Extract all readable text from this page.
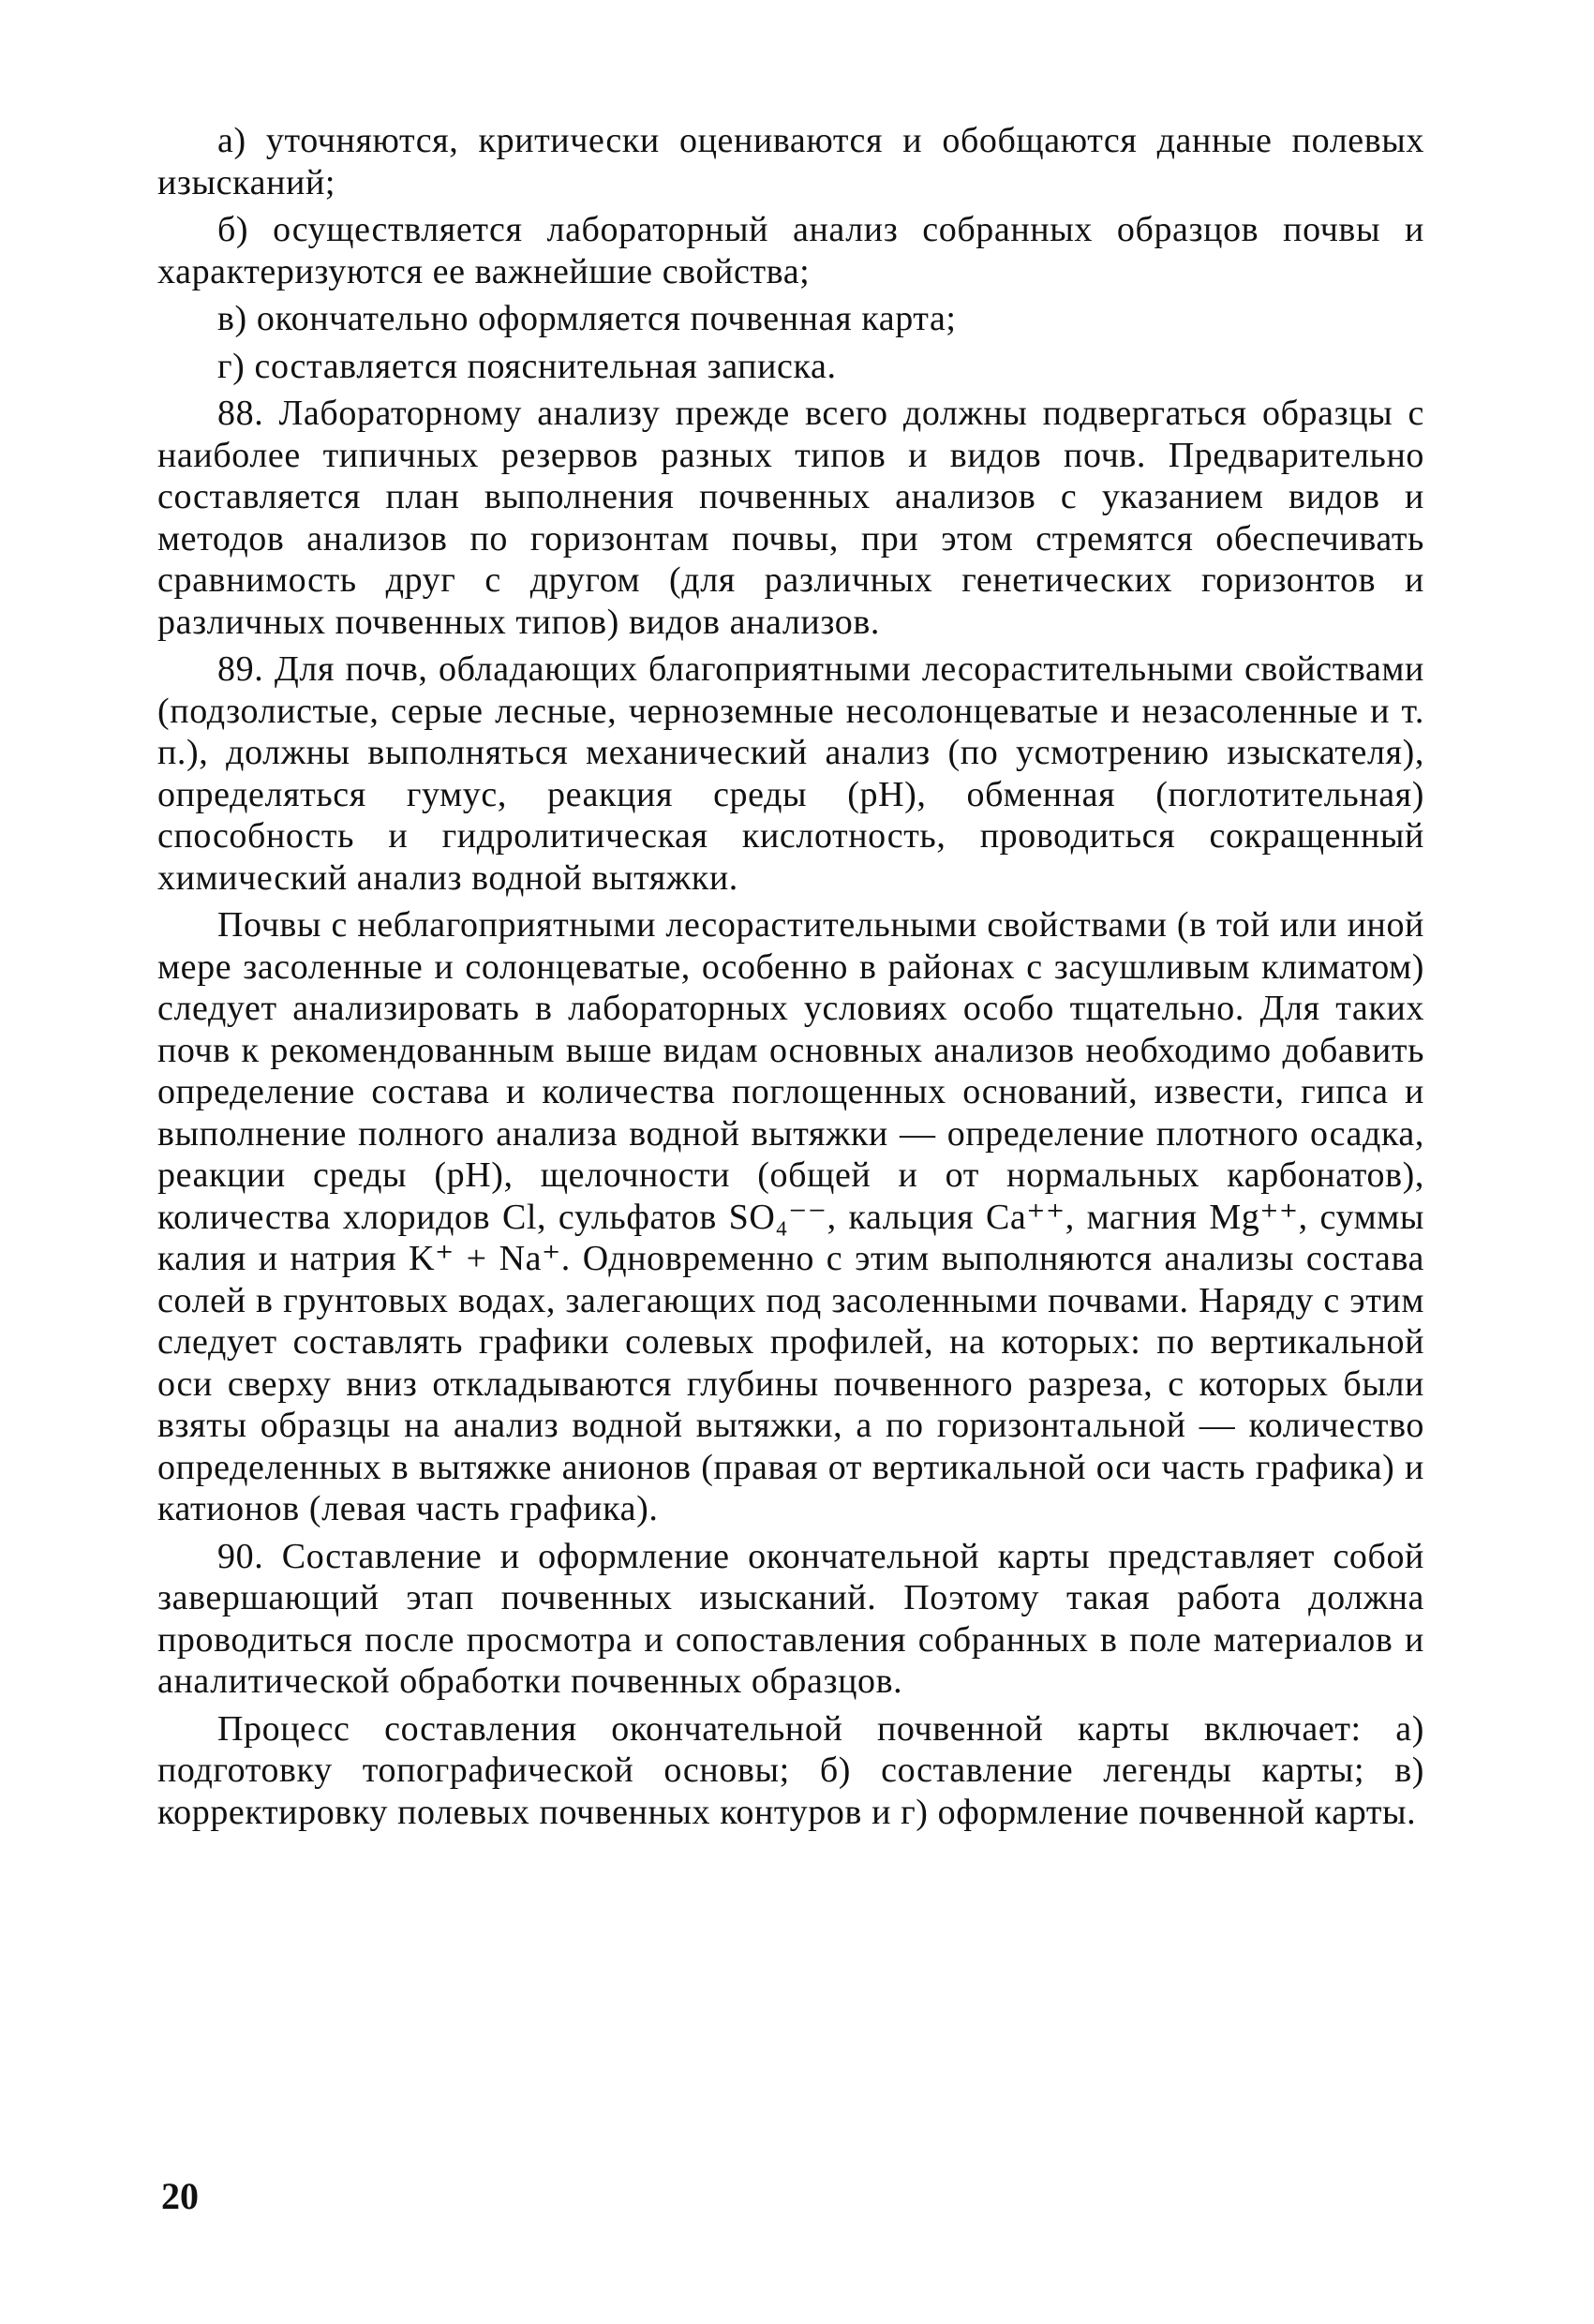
а) уточняются, критически оцениваются и обобщаются данные полевых изысканий;

б) осуществляется лабораторный анализ собранных образцов почвы и характеризуются ее важнейшие свойства;

в) окончательно оформляется почвенная карта;

г) составляется пояснительная записка.

88. Лабораторному анализу прежде всего должны подвергаться образцы с наиболее типичных резервов разных типов и видов почв. Предварительно составляется план выполнения почвенных анализов с указанием видов и методов анализов по горизонтам почвы, при этом стремятся обеспечивать сравнимость друг с другом (для различных генетических горизонтов и различных почвенных типов) видов анализов.

89. Для почв, обладающих благоприятными лесорастительными свойствами (подзолистые, серые лесные, черноземные несолонцеватые и незасоленные и т. п.), должны выполняться механический анализ (по усмотрению изыскателя), определяться гумус, реакция среды (pH), обменная (поглотительная) способность и гидролитическая кислотность, проводиться сокращенный химический анализ водной вытяжки.

Почвы с неблагоприятными лесорастительными свойствами (в той или иной мере засоленные и солонцеватые, особенно в районах с засушливым климатом) следует анализировать в лабораторных условиях особо тщательно. Для таких почв к рекомендованным выше видам основных анализов необходимо добавить определение состава и количества поглощенных оснований, извести, гипса и выполнение полного анализа водной вытяжки — определение плотного осадка, реакции среды (pH), щелочности (общей и от нормальных карбонатов), количества хлоридов Cl, сульфатов SO₄⁻⁻, кальция Ca⁺⁺, магния Mg⁺⁺, суммы калия и натрия K⁺ + Na⁺. Одновременно с этим выполняются анализы состава солей в грунтовых водах, залегающих под засоленными почвами. Наряду с этим следует составлять графики солевых профилей, на которых: по вертикальной оси сверху вниз откладываются глубины почвенного разреза, с которых были взяты образцы на анализ водной вытяжки, а по горизонтальной — количество определенных в вытяжке анионов (правая от вертикальной оси часть графика) и катионов (левая часть графика).

90. Составление и оформление окончательной карты представляет собой завершающий этап почвенных изысканий. Поэтому такая работа должна проводиться после просмотра и сопоставления собранных в поле материалов и аналитической обработки почвенных образцов.

Процесс составления окончательной почвенной карты включает: а) подготовку топографической основы; б) составление легенды карты; в) корректировку полевых почвенных контуров и г) оформление почвенной карты.

20
